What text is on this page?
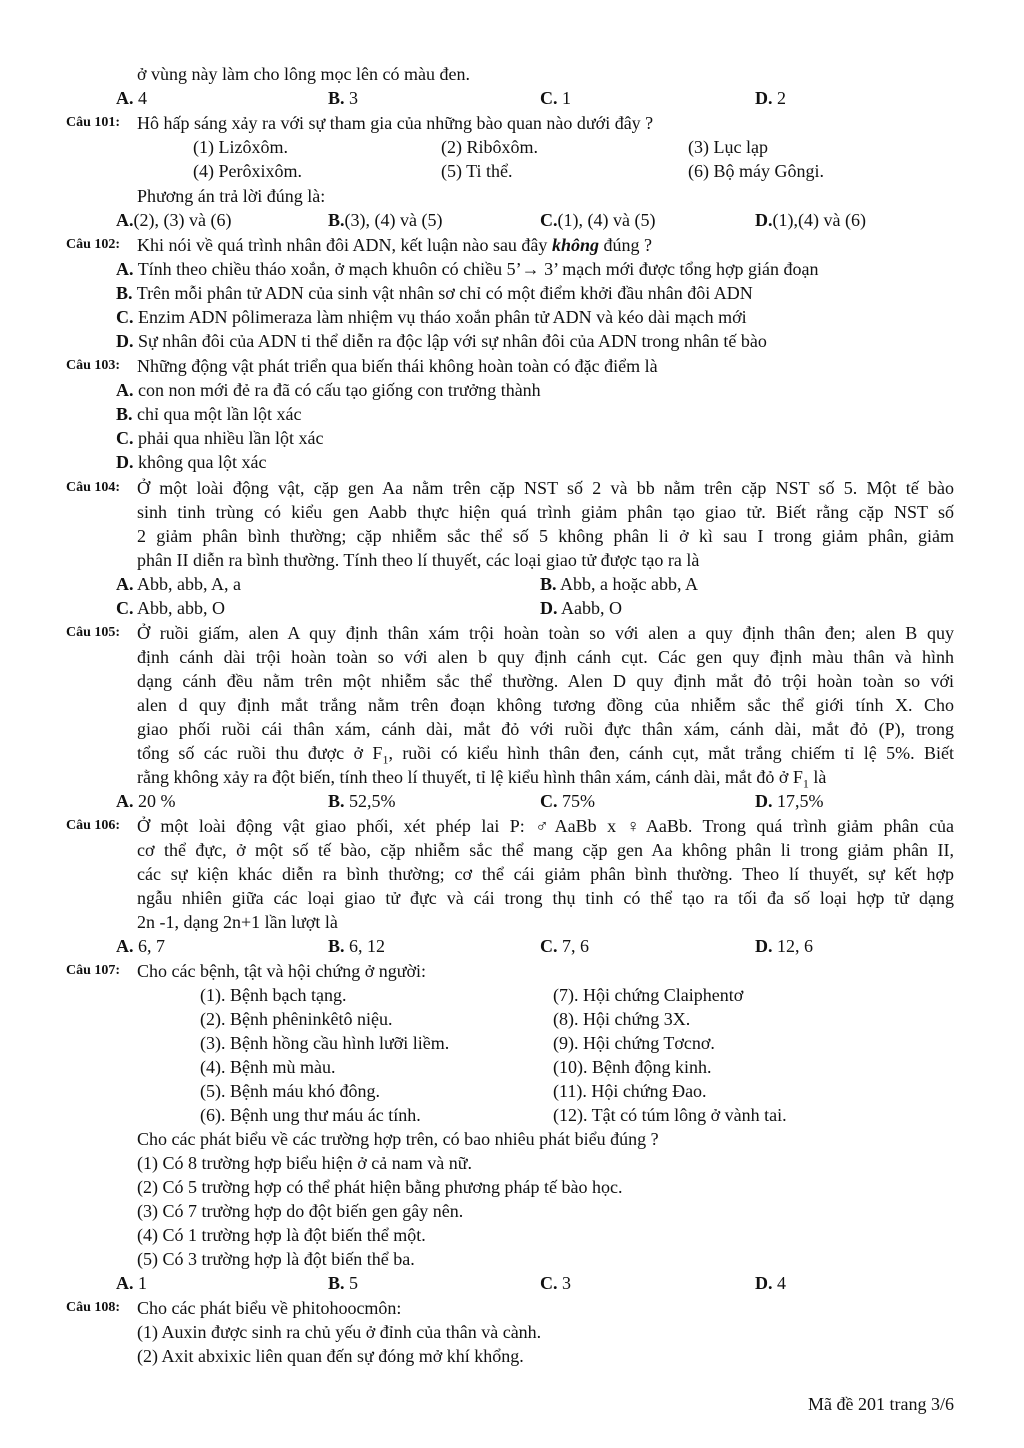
ở vùng này làm cho lông mọc lên có màu đen.
A. 4	B. 3	C. 1	D. 2
Câu 101: Hô hấp sáng xảy ra với sự tham gia của những bào quan nào dưới đây ?
(1) Lizôxôm.	(2) Ribôxôm.	(3) Lục lạp
(4) Perôxixôm.	(5) Ti thể.	(6) Bộ máy Gôngi.
Phương án trả lời đúng là:
A.(2), (3) và (6)	B.(3), (4) và (5)	C.(1), (4) và (5)	D.(1),(4) và (6)
Câu 102: Khi nói về quá trình nhân đôi ADN, kết luận nào sau đây không đúng ?
A. Tính theo chiều tháo xoắn, ở mạch khuôn có chiều 5’→ 3’ mạch mới được tổng hợp gián đoạn
B. Trên mỗi phân tử ADN của sinh vật nhân sơ chỉ có một điểm khởi đầu nhân đôi ADN
C. Enzim ADN pôlimeraza làm nhiệm vụ tháo xoắn phân tử ADN và kéo dài mạch mới
D. Sự nhân đôi của ADN ti thể diễn ra độc lập với sự nhân đôi của ADN trong nhân tế bào
Câu 103: Những động vật phát triển qua biến thái không hoàn toàn có đặc điểm là
A. con non mới đẻ ra đã có cấu tạo giống con trưởng thành
B. chỉ qua một lần lột xác
C. phải qua nhiều lần lột xác
D. không qua lột xác
Câu 104: Ở một loài động vật, cặp gen Aa nằm trên cặp NST số 2 và bb nằm trên cặp NST số 5. Một tế bào
sinh tinh trùng có kiểu gen Aabb thực hiện quá trình giảm phân tạo giao tử. Biết rằng cặp NST số
2 giảm phân bình thường; cặp nhiễm sắc thể số 5 không phân li ở kì sau I trong giảm phân, giảm
phân II diễn ra bình thường. Tính theo lí thuyết, các loại giao tử được tạo ra là
A. Abb, abb, A, a	B. Abb, a hoặc abb, A
C. Abb, abb, O	D. Aabb, O
Câu 105: Ở ruồi giấm, alen A quy định thân xám trội hoàn toàn so với alen a quy định thân đen; alen B quy
định cánh dài trội hoàn toàn so với alen b quy định cánh cụt. Các gen quy định màu thân và hình
dạng cánh đều nằm trên một nhiễm sắc thể thường. Alen D quy định mắt đỏ trội hoàn toàn so với
alen d quy định mắt trắng nằm trên đoạn không tương đồng của nhiễm sắc thể giới tính X. Cho
giao phối ruồi cái thân xám, cánh dài, mắt đỏ với ruồi đực thân xám, cánh dài, mắt đỏ (P), trong
tổng số các ruồi thu được ở $F_1$, ruồi có kiểu hình thân đen, cánh cụt, mắt trắng chiếm tỉ lệ 5%. Biết
rằng không xảy ra đột biến, tính theo lí thuyết, tỉ lệ kiểu hình thân xám, cánh dài, mắt đỏ ở $F_1$ là
A. 20 %	B. 52,5%	C. 75%	D. 17,5%
Câu 106: Ở một loài động vật giao phối, xét phép lai P: ♂AaBb x ♀AaBb. Trong quá trình giảm phân của
cơ thể đực, ở một số tế bào, cặp nhiễm sắc thể mang cặp gen Aa không phân li trong giảm phân II,
các sự kiện khác diễn ra bình thường; cơ thể cái giảm phân bình thường. Theo lí thuyết, sự kết hợp
ngẫu nhiên giữa các loại giao tử đực và cái trong thụ tinh có thể tạo ra tối đa số loại hợp tử dạng
2n -1, dạng 2n+1 lần lượt là
A. 6, 7	B. 6, 12	C. 7, 6	D. 12, 6
Câu 107: Cho các bệnh, tật và hội chứng ở người:
(1). Bệnh bạch tạng.	(7). Hội chứng Claiphentơ
(2). Bệnh phêninkêtô niệu.	(8). Hội chứng 3X.
(3). Bệnh hồng cầu hình lưỡi liềm.	(9). Hội chứng Tơcnơ.
(4). Bệnh mù màu.	(10). Bệnh động kinh.
(5). Bệnh máu khó đông.	(11). Hội chứng Đao.
(6). Bệnh ung thư máu ác tính.	(12). Tật có túm lông ở vành tai.
Cho các phát biểu về các trường hợp trên, có bao nhiêu phát biểu đúng ?
(1) Có 8 trường hợp biểu hiện ở cả nam và nữ.
(2) Có 5 trường hợp có thể phát hiện bằng phương pháp tế bào học.
(3) Có 7 trường hợp do đột biến gen gây nên.
(4) Có 1 trường hợp là đột biến thể một.
(5) Có 3 trường hợp là đột biến thể ba.
A. 1	B. 5	C. 3	D. 4
Câu 108: Cho các phát biểu về phitohoocmôn:
(1) Auxin được sinh ra chủ yếu ở đỉnh của thân và cành.
(2) Axit abxixic liên quan đến sự đóng mở khí khổng.
Mã đề 201 trang 3/6
